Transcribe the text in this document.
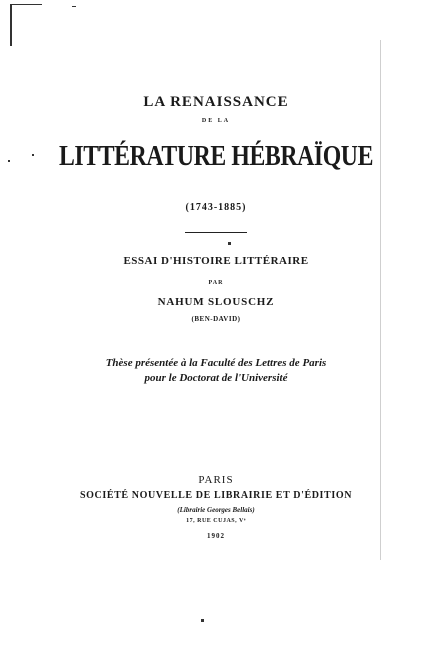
LA RENAISSANCE
DE LA
LITTÉRATURE HÉBRAÏQUE
(1743-1885)
ESSAI D'HISTOIRE LITTÉRAIRE
PAR
NAHUM SLOUSCHZ
(BEN-DAVID)
Thèse présentée à la Faculté des Lettres de Paris
pour le Doctorat de l'Université
PARIS
SOCIÉTÉ NOUVELLE DE LIBRAIRIE ET D'ÉDITION
(Librairie Georges Bellais)
17, RUE CUJAS, Vᵉ
1902
